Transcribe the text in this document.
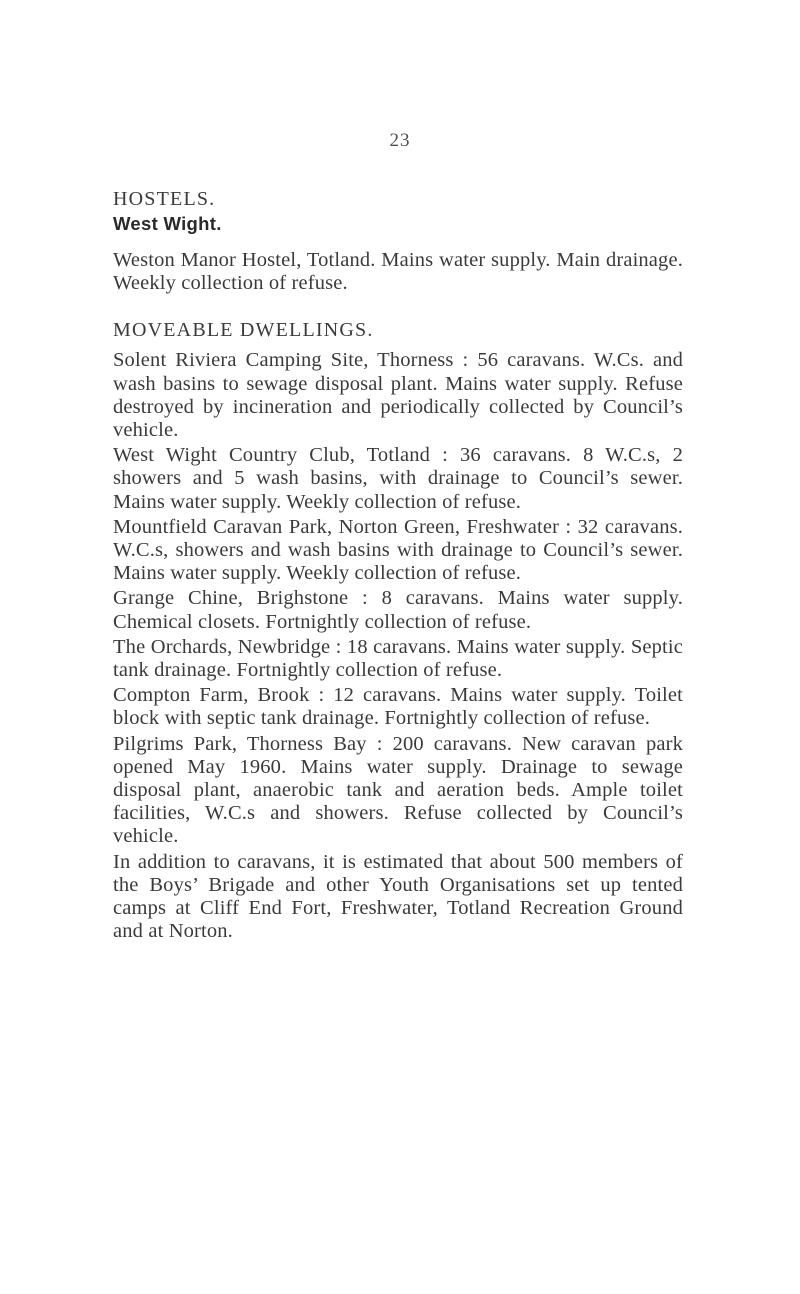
23
HOSTELS.
West Wight.

Weston Manor Hostel, Totland. Mains water supply. Main drainage. Weekly collection of refuse.

MOVEABLE DWELLINGS.

Solent Riviera Camping Site, Thorness : 56 caravans. W.Cs. and wash basins to sewage disposal plant. Mains water supply. Refuse destroyed by incineration and periodically collected by Council’s vehicle.

West Wight Country Club, Totland : 36 caravans. 8 W.C.s, 2 showers and 5 wash basins, with drainage to Council’s sewer. Mains water supply. Weekly collection of refuse.

Mountfield Caravan Park, Norton Green, Freshwater : 32 caravans. W.C.s, showers and wash basins with drainage to Council’s sewer. Mains water supply. Weekly collection of refuse.

Grange Chine, Brighstone : 8 caravans. Mains water supply. Chemical closets. Fortnightly collection of refuse.

The Orchards, Newbridge : 18 caravans. Mains water supply. Septic tank drainage. Fortnightly collection of refuse.

Compton Farm, Brook : 12 caravans. Mains water supply. Toilet block with septic tank drainage. Fortnightly collection of refuse.

Pilgrims Park, Thorness Bay : 200 caravans. New caravan park opened May 1960. Mains water supply. Drainage to sewage disposal plant, anaerobic tank and aeration beds. Ample toilet facilities, W.C.s and showers. Refuse collected by Council’s vehicle.

In addition to caravans, it is estimated that about 500 members of the Boys’ Brigade and other Youth Organisations set up tented camps at Cliff End Fort, Freshwater, Totland Recreation Ground and at Norton.
